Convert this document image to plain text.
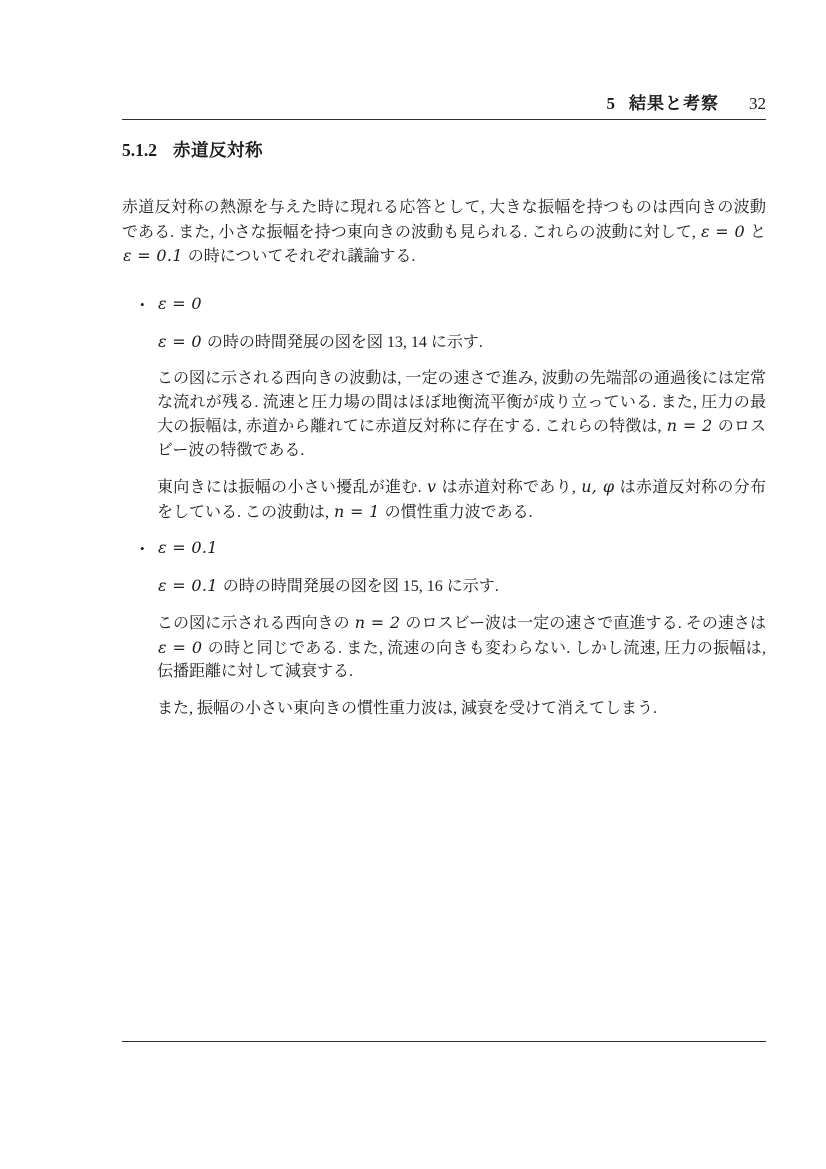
5 結果と考察 32
5.1.2 赤道反対称

赤道反対称の熱源を与えた時に現れる応答として, 大きな振幅を持つものは西向きの波動である. また, 小さな振幅を持つ東向きの波動も見られる. これらの波動に対して, ε = 0 と ε = 0.1 の時についてそれぞれ議論する.

• ε = 0

ε = 0 の時の時間発展の図を図 13, 14 に示す.

この図に示される西向きの波動は, 一定の速さで進み, 波動の先端部の通過後には定常な流れが残る. 流速と圧力場の間はほぼ地衡流平衡が成り立っている. また, 圧力の最大の振幅は, 赤道から離れてに赤道反対称に存在する. これらの特徴は, n = 2 のロスビー波の特徴である.

東向きには振幅の小さい擾乱が進む. v は赤道対称であり, u, φ は赤道反対称の分布をしている. この波動は, n = 1 の慣性重力波である.

• ε = 0.1

ε = 0.1 の時の時間発展の図を図 15, 16 に示す.

この図に示される西向きの n = 2 のロスビー波は一定の速さで直進する. その速さは ε = 0 の時と同じである. また, 流速の向きも変わらない. しかし流速, 圧力の振幅は, 伝播距離に対して減衰する.

また, 振幅の小さい東向きの慣性重力波は, 減衰を受けて消えてしまう.
